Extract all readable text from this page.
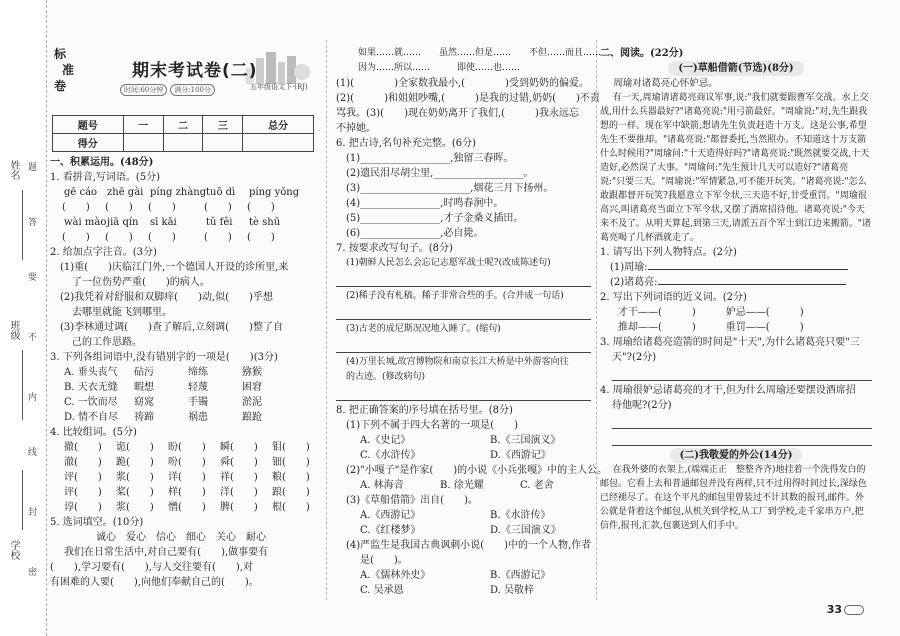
姓名
班级
学校
密
封
线
内
不
要
答
题
标
准
卷
期末考试卷(二)
时间:60分钟 满分:100分	五年级语文下·(RJ)
题号	一	二	三	总分
得分				
一、积累运用。(48分)
1. 看拼音,写词语。(5分)
gē cáo zhē gài píng zhàngtuō dì píng yōng
(　　) (　　) (　　)	(　　) (　　)
wài màojiā qín sī kāi	tǔ fěi tè shū
(　　) (　　) (　　)	(　　) (　　)
2. 给加点字注音。(3分)
(1)重(　　)庆临江门外,一个德国人开设的诊所里,来
了一位伤势严重(　　)的病人。
(2)我凭着对舒服和双脚痒(　　)动,似(　　)乎想
去哪里就能飞到哪里。
(3)李林通过调(　　)查了解后,立刻调(　　)整了自
己的工作思路。
3. 下列各组词语中,没有错别字的一项是(　　)(3分)
A. 垂头丧气 砧污	缔练	猕猴
B. 天衣无缝 暇想	轻蔑	困窘
C. 一饮而尽 窈窕	手镯	淤泥
D. 情不自尽 祷蹄	祸患	踉跄
4. 比较组词。(5分)
撤(　　) 诡(　　) 盼(　　) 瞬(　　) 钼(　　)
澈(　　) 跪(　　) 吩(　　) 舜(　　) 钿(　　)
评(　　) 浆(　　) 详(　　) 祥(　　) 粮(　　)
评(　　) 桨(　　) 样(　　) 洋(　　) 踉(　　)
谆(　　) 浆(　　) 憎(　　) 脾(　　) 根(　　)
5. 选词填空。(10分)
诚心　爱心　信心　细心　关心　耐心
我们在日常生活中,对自己要有(　　),做事要有
(　　),学习要有(　　),与人交往要有(　　),对
有困难的人要(　　),向他们奉献自己的(　　)。
如果……就……　　虽然……但是……　　不但……而且……
因为……所以……　　　即使……也……
(1)(　　　　)全家数我最小,(　　　　)受到奶奶的偏爱。
(2)(　　　)和姐姐吵嘴,(　　　)是我的过错,奶奶(　　)不责
骂我。(3)(　　)现在奶奶离开了我们,(　　　)我永远忘
不掉她。
6. 把古诗,名句补充完整。(6分)
(1)__________________,独留三春晖。
(2)遗民泪尽胡尘里,__________________。
(3)______________________,烟花三月下扬州。
(4)________________,时鸣春涧中。
(5)________________,才子金桑义插田。
(6)________________,必自毙。
7. 按要求改写句子。(8分)
(1)朝鲜人民怎么会忘记志愿军战士呢?(改成陈述句)
(2)稀子没有札稿。稀子非常合些的手。(合并成一句话)
(3)古老的成尼斯况况地入睡了。(缩句)
(4)万里长城,故宫博物院和南京长江大桥是中外游客向往
的古迹。(修改病句)
8. 把正确答案的序号填在括号里。(8分)
(1)下列不属于四大名著的一项是(　　)
A.《史记》	B.《三国演义》
C.《水浒传》	D.《西游记》
(2)"小嘎子"是作家(　　)的小说《小兵张嘎》中的主人公。
A. 林海音	B. 徐光耀	C. 老舍
(3)《草船借箭》出自(　　)。
A.《西游记》	B.《水浒传》
C.《红楼梦》	D.《三国演义》
(4)严监生是我国古典讽刺小说(　　)中的一个人物,作者
是(　　)。
A.《儒林外史》	B.《西游记》
C. 吴承恩	D. 吴敬梓
二、阅读。(22分)
(一)草船借箭(节选)(8分)
周瑜对诸葛亮心怀妒忌。
有一天,周瑜请诸葛亮商议军事,说:"我们就要跟曹军交战。水上交战,用什么兵器最好?"诸葛亮说:"用弓箭最好。"周瑜说:"对,先生跟我想的一样。现在军中缺箭,想请先生负责赶造十万支。这是公事,希望先生不要推却。"诸葛亮说:"都督委托,当然照办。不知道这十万支箭什么时候用?"周瑜问:"十天造得好吗?"诸葛亮说:"既然就要交战,十天造好,必然误了大事。"周瑜问:"先生预计几天可以造好?"诸葛亮说:"只要三天。"周瑜说:"军情紧急,可不能开玩笑。"诸葛亮说:"怎么敢跟都督开玩笑?我愿意立下军令状,三天造不好,甘受重罚。"周瑜很高兴,叫诸葛亮当面立下军令状,又摆了酒席招待他。诸葛亮说:"今天来不及了。从明天算起,到第三天,请派五百个军士到江边来搬箭。"诸葛亮喝了几杯酒就走了。
1. 请写出下列人物特点。(2分)
(1)周瑜:
(2)诸葛亮:
2. 写出下列词语的近义词。(2分)
才干——(　　　)　　　妒忌——(　　　)
推却——(　　　)　　　重罚——(　　　)
3. 周瑜给诸葛亮造箭的时间是"十天",为什么诸葛亮只要"三
天"?(2分)
4. 周瑜很妒忌诸葛亮的才干,但为什么周瑜还要摆设酒席招
待他呢?(2分)
(二)我敬爱的外公(14分)
在我外婆的衣架上,(端端正正　整整齐齐)地挂着一个洗得发白的邮包。它看上去和普通邮包并没有两样,只不过用得时间过长,深绿色已经褪尽了。在这个平凡的邮包里曾装过不计其数的报刊,邮件。外公就是背着这个邮包,从机关到学校,从工厂到学校,走千家串万户,把信件,报刊,汇款,包裹送到人们手中。
33
